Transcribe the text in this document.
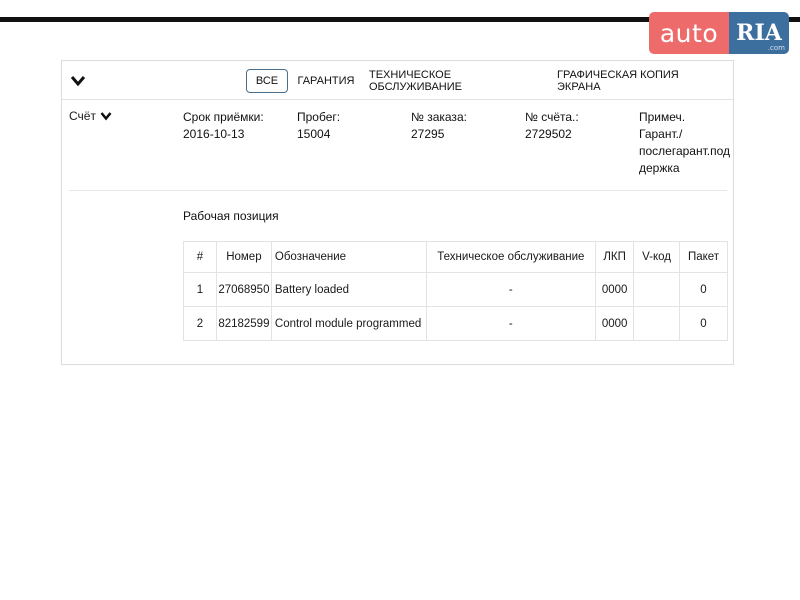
auto RIA
.com
ВСЕ	ГАРАНТИЯ	ТЕХНИЧЕСКОЕ ОБСЛУЖИВАНИЕ
ГРАФИЧЕСКАЯ КОПИЯ ЭКРАНА
Счёт	Срок приёмки:
2016-10-13
Пробег:
15004
№ заказа:
27295
№ счёта.:
2729502
Примеч. Гарант./послегарант.поддержка
Рабочая позиция
#	Номер	Обозначение	Техническое обслуживание	ЛКП	V-код	Пакет
1	27068950	Battery loaded	-	0000		0
2	82182599	Control module programmed	-	0000		0
